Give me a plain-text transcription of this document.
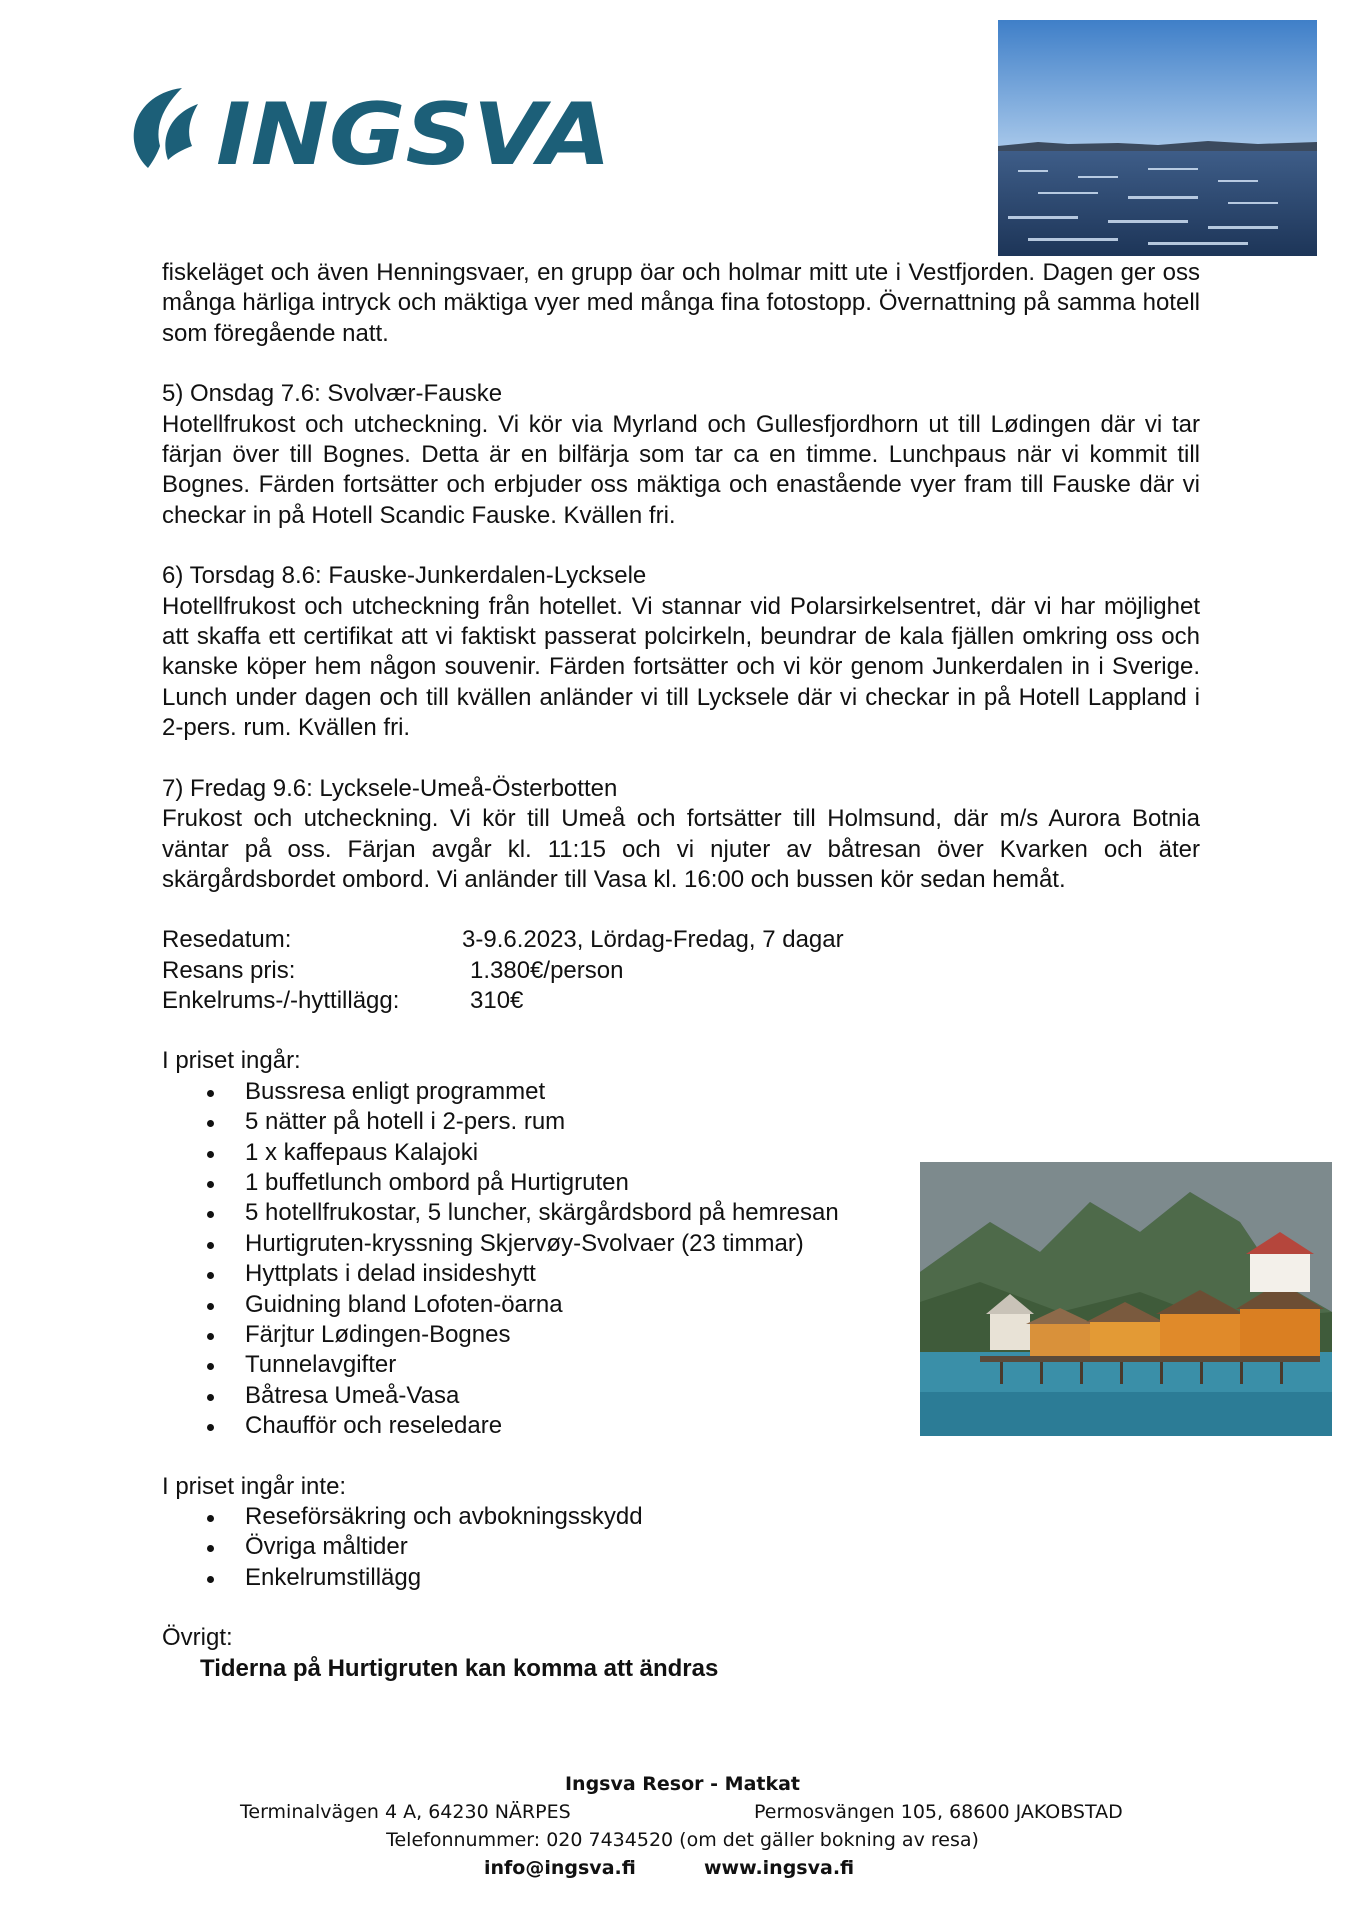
INGSVA

fiskeläget och även Henningsvaer, en grupp öar och holmar mitt ute i Vestfjorden. Dagen ger oss många härliga intryck och mäktiga vyer med många fina fotostopp. Övernattning på samma hotell som föregående natt.

5) Onsdag 7.6: Svolvær-Fauske

Hotellfrukost och utcheckning. Vi kör via Myrland och Gullesfjordhorn ut till Lødingen där vi tar färjan över till Bognes. Detta är en bilfärja som tar ca en timme. Lunchpaus när vi kommit till Bognes. Färden fortsätter och erbjuder oss mäktiga och enastående vyer fram till Fauske där vi checkar in på Hotell Scandic Fauske. Kvällen fri.

6) Torsdag 8.6: Fauske-Junkerdalen-Lycksele

Hotellfrukost och utcheckning från hotellet. Vi stannar vid Polarsirkelsentret, där vi har möjlighet att skaffa ett certifikat att vi faktiskt passerat polcirkeln, beundrar de kala fjällen omkring oss och kanske köper hem någon souvenir. Färden fortsätter och vi kör genom Junkerdalen in i Sverige. Lunch under dagen och till kvällen anländer vi till Lycksele där vi checkar in på Hotell Lappland i 2-pers. rum. Kvällen fri.

7) Fredag 9.6: Lycksele-Umeå-Österbotten

Frukost och utcheckning. Vi kör till Umeå och fortsätter till Holmsund, där m/s Aurora Botnia väntar på oss. Färjan avgår kl. 11:15 och vi njuter av båtresan över Kvarken och äter skärgårdsbordet ombord. Vi anländer till Vasa kl. 16:00 och bussen kör sedan hemåt.

Resedatum:	3-9.6.2023, Lördag-Fredag, 7 dagar
Resans pris:	1.380€/person
Enkelrums-/-hyttillägg:	310€

I priset ingår:

Bussresa enligt programmet
5 nätter på hotell i 2-pers. rum
1 x kaffepaus Kalajoki
1 buffetlunch ombord på Hurtigruten
5 hotellfrukostar, 5 luncher, skärgårdsbord på hemresan
Hurtigruten-kryssning Skjervøy-Svolvaer (23 timmar)
Hyttplats i delad insideshytt
Guidning bland Lofoten-öarna
Färjtur Lødingen-Bognes
Tunnelavgifter
Båtresa Umeå-Vasa
Chaufför och reseledare

I priset ingår inte:

Reseförsäkring och avbokningsskydd
Övriga måltider
Enkelrumstillägg

Övrigt:

Tiderna på Hurtigruten kan komma att ändras

Ingsva Resor - Matkat
Terminalvägen 4 A, 64230 NÄRPES	Permosvängen 105, 68600 JAKOBSTAD
Telefonnummer: 020 7434520 (om det gäller bokning av resa)
info@ingsva.fi	www.ingsva.fi
